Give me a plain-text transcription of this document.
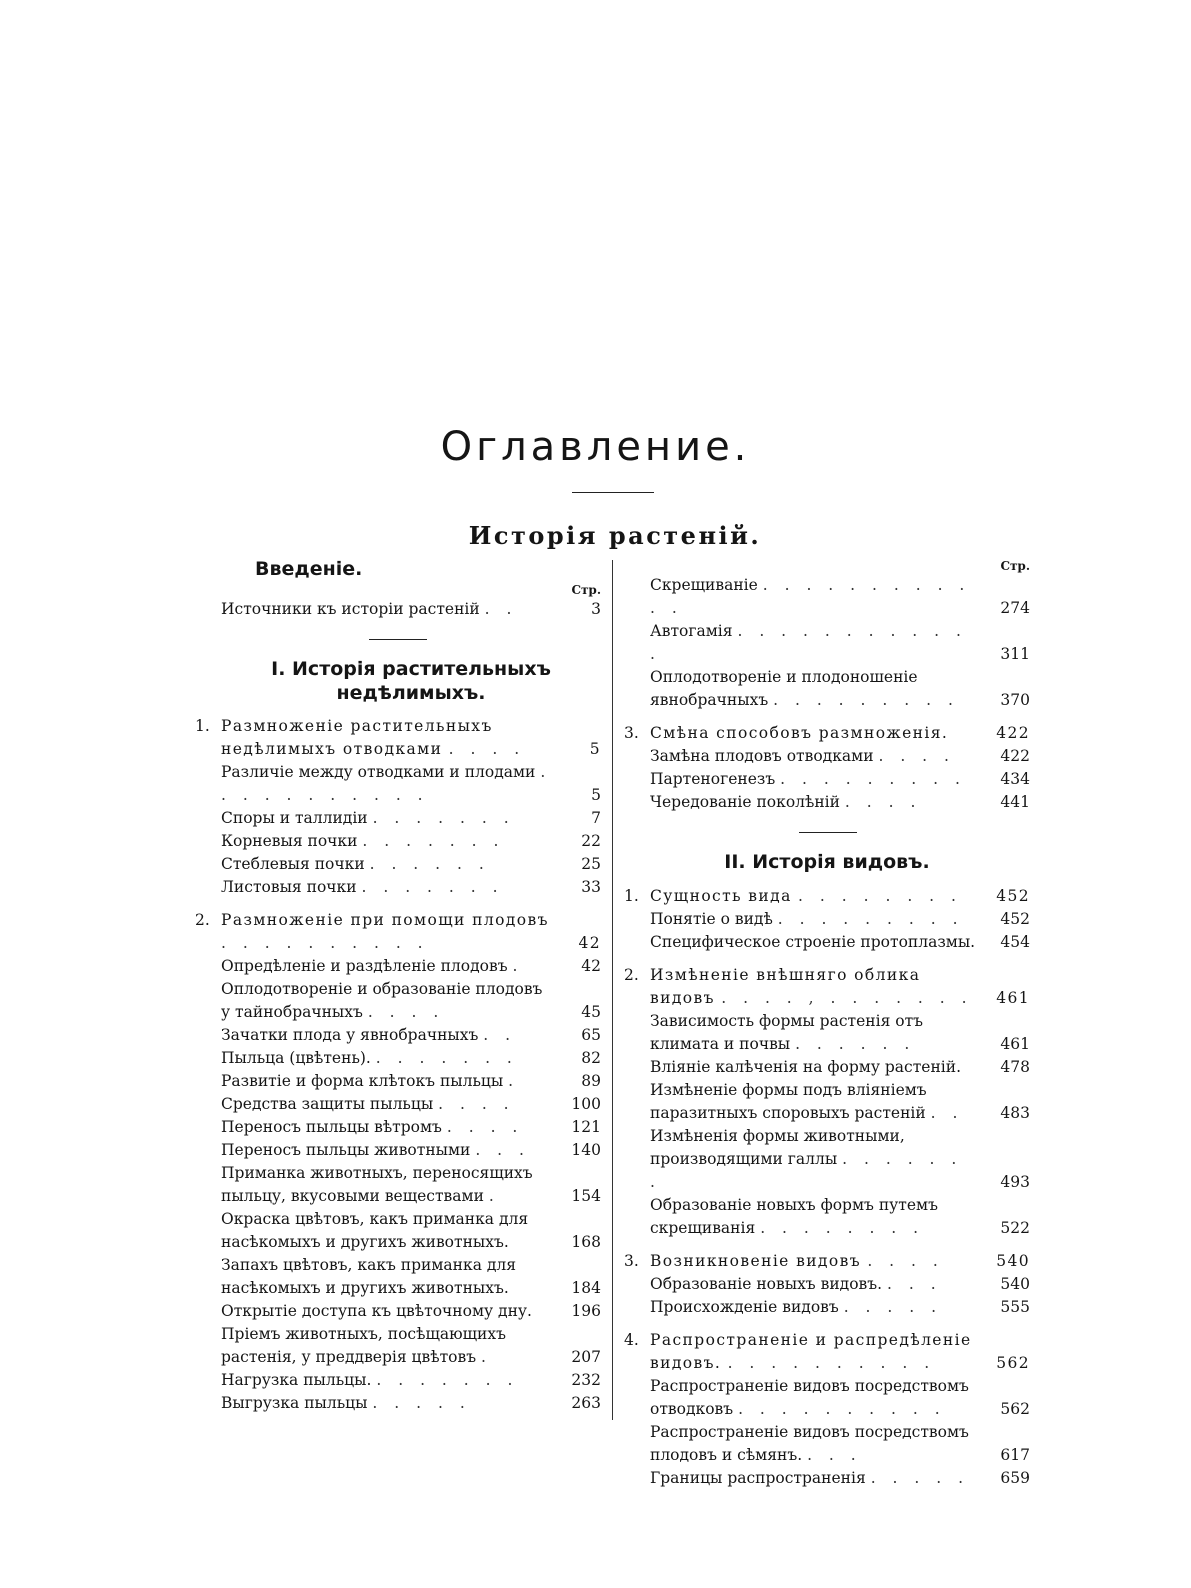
Оглавление.
Исторія растеній.
Введеніе.

Стр.

Источники къ исторіи растеній . .	3
I. Исторія растительныхъ
недѣлимыхъ.
1. Размноженіе растительныхъ недѣлимыхъ отводками . . . .	5
Различіе между отводками и плодами . . . . . . . . . . .	5
Споры и таллидіи . . . . . . .	7
Корневыя почки . . . . . . .	22
Стеблевыя почки . . . . . .	25
Листовыя почки . . . . . . .	33
2. Размноженіе при помощи плодовъ . . . . . . . . . .	42
Опредѣленіе и раздѣленіе плодовъ .	42
Оплодотвореніе и образованіе плодовъ у тайнобрачныхъ . . . .	45
Зачатки плода у явнобрачныхъ . .	65
Пыльца (цвѣтень). . . . . . . .	82
Развитіе и форма клѣтокъ пыльцы .	89
Средства защиты пыльцы . . . .	100
Переносъ пыльцы вѣтромъ . . . .	121
Переносъ пыльцы животными . . .	140
Приманка животныхъ, переносящихъ пыльцу, вкусовыми веществами .	154
Окраска цвѣтовъ, какъ приманка для насѣкомыхъ и другихъ животныхъ.	168
Запахъ цвѣтовъ, какъ приманка для насѣкомыхъ и другихъ животныхъ.	184
Открытіе доступа къ цвѣточному дну.	196
Пріемъ животныхъ, посѣщающихъ растенія, у преддверія цвѣтовъ .	207
Нагрузка пыльцы. . . . . . . .	232
Выгрузка пыльцы . . . . .	263

Стр.

Скрещиваніе . . . . . . . . . . . .	274
Автогамія . . . . . . . . . . . .	311
Оплодотвореніе и плодоношеніе явнобрачныхъ . . . . . . . . .	370
3. Смѣна способовъ размноженія.	422
Замѣна плодовъ отводками . . . .	422
Партеногенезъ . . . . . . . . .	434
Чередованіе поколѣній . . . .	441
II. Исторія видовъ.
1. Сущность вида . . . . . . . .	452
Понятіе о видѣ . . . . . . . . .	452
Специфическое строеніе протоплазмы.	454
2. Измѣненіе внѣшняго облика видовъ . . . . , . . . . . . .	461
Зависимость формы растенія отъ климата и почвы . . . . . .	461
Вліяніе калѣченія на форму растеній.	478
Измѣненіе формы подъ вліяніемъ паразитныхъ споровыхъ растеній . .	483
Измѣненія формы животными, производящими галлы . . . . . . .	493
Образованіе новыхъ формъ путемъ скрещиванія . . . . . . . .	522
3. Возникновеніе видовъ . . . .	540
Образованіе новыхъ видовъ. . . .	540
Происхожденіе видовъ . . . . .	555
4. Распространеніе и распредѣленіе видовъ. . . . . . . . . . .	562
Распространеніе видовъ посредствомъ отводковъ . . . . . . . . . .	562
Распространеніе видовъ посредствомъ плодовъ и сѣмянъ. . . .	617
Границы распространенія . . . . .	659
